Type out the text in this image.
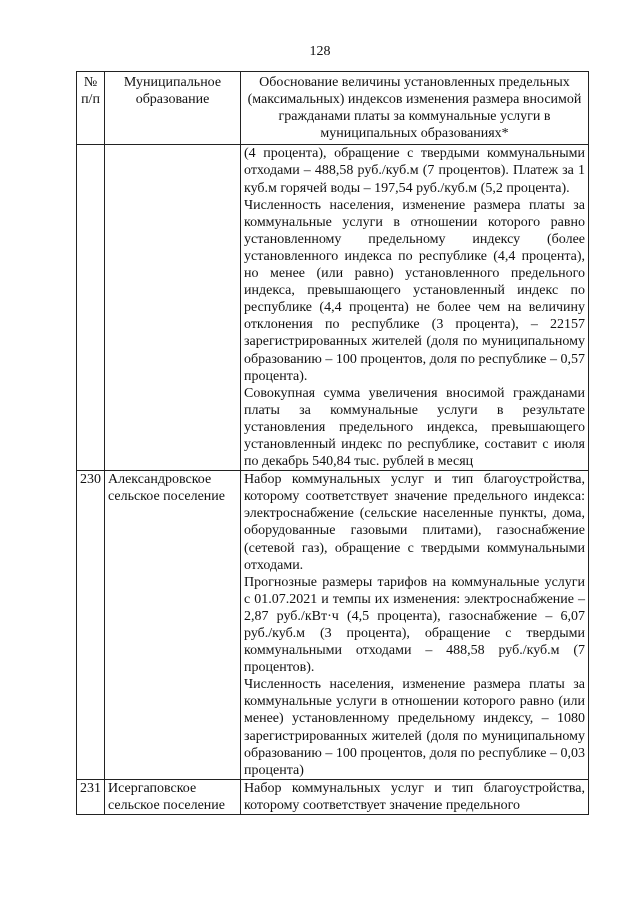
128
№ п/п	Муниципальное образование	Обоснование величины установленных предельных (максимальных) индексов изменения размера вносимой гражданами платы за коммунальные услуги в муниципальных образованиях*

		(4 процента), обращение с твердыми коммунальными отходами – 488,58 руб./куб.м (7 процентов). Платеж за 1 куб.м горячей воды – 197,54 руб./куб.м (5,2 процента).

Численность населения, изменение размера платы за коммунальные услуги в отношении которого равно установленному предельному индексу (более установленного индекса по республике (4,4 процента), но менее (или равно) установленного предельного индекса, превышающего установленный индекс по республике (4,4 процента) не более чем на величину отклонения по республике (3 процента), – 22157 зарегистрированных жителей (доля по муниципальному образованию – 100 процентов, доля по республике – 0,57 процента).

Совокупная сумма увеличения вносимой гражданами платы за коммунальные услуги в результате установления предельного индекса, превышающего установленный индекс по республике, составит с июля по декабрь 540,84 тыс. рублей в месяц

230	Александровское сельское поселение	Набор коммунальных услуг и тип благоустройства, которому соответствует значение предельного индекса: электроснабжение (сельские населенные пункты, дома, оборудованные газовыми плитами), газоснабжение (сетевой газ), обращение с твердыми коммунальными отходами.

Прогнозные размеры тарифов на коммунальные услуги с 01.07.2021 и темпы их изменения: электроснабжение – 2,87 руб./кВт·ч (4,5 процента), газоснабжение – 6,07 руб./куб.м (3 процента), обращение с твердыми коммунальными отходами – 488,58 руб./куб.м (7 процентов).

Численность населения, изменение размера платы за коммунальные услуги в отношении которого равно (или менее) установленному предельному индексу, – 1080 зарегистрированных жителей (доля по муниципальному образованию – 100 процентов, доля по республике – 0,03 процента)

231	Исергаповское сельское поселение	Набор коммунальных услуг и тип благоустройства, которому соответствует значение предельного
